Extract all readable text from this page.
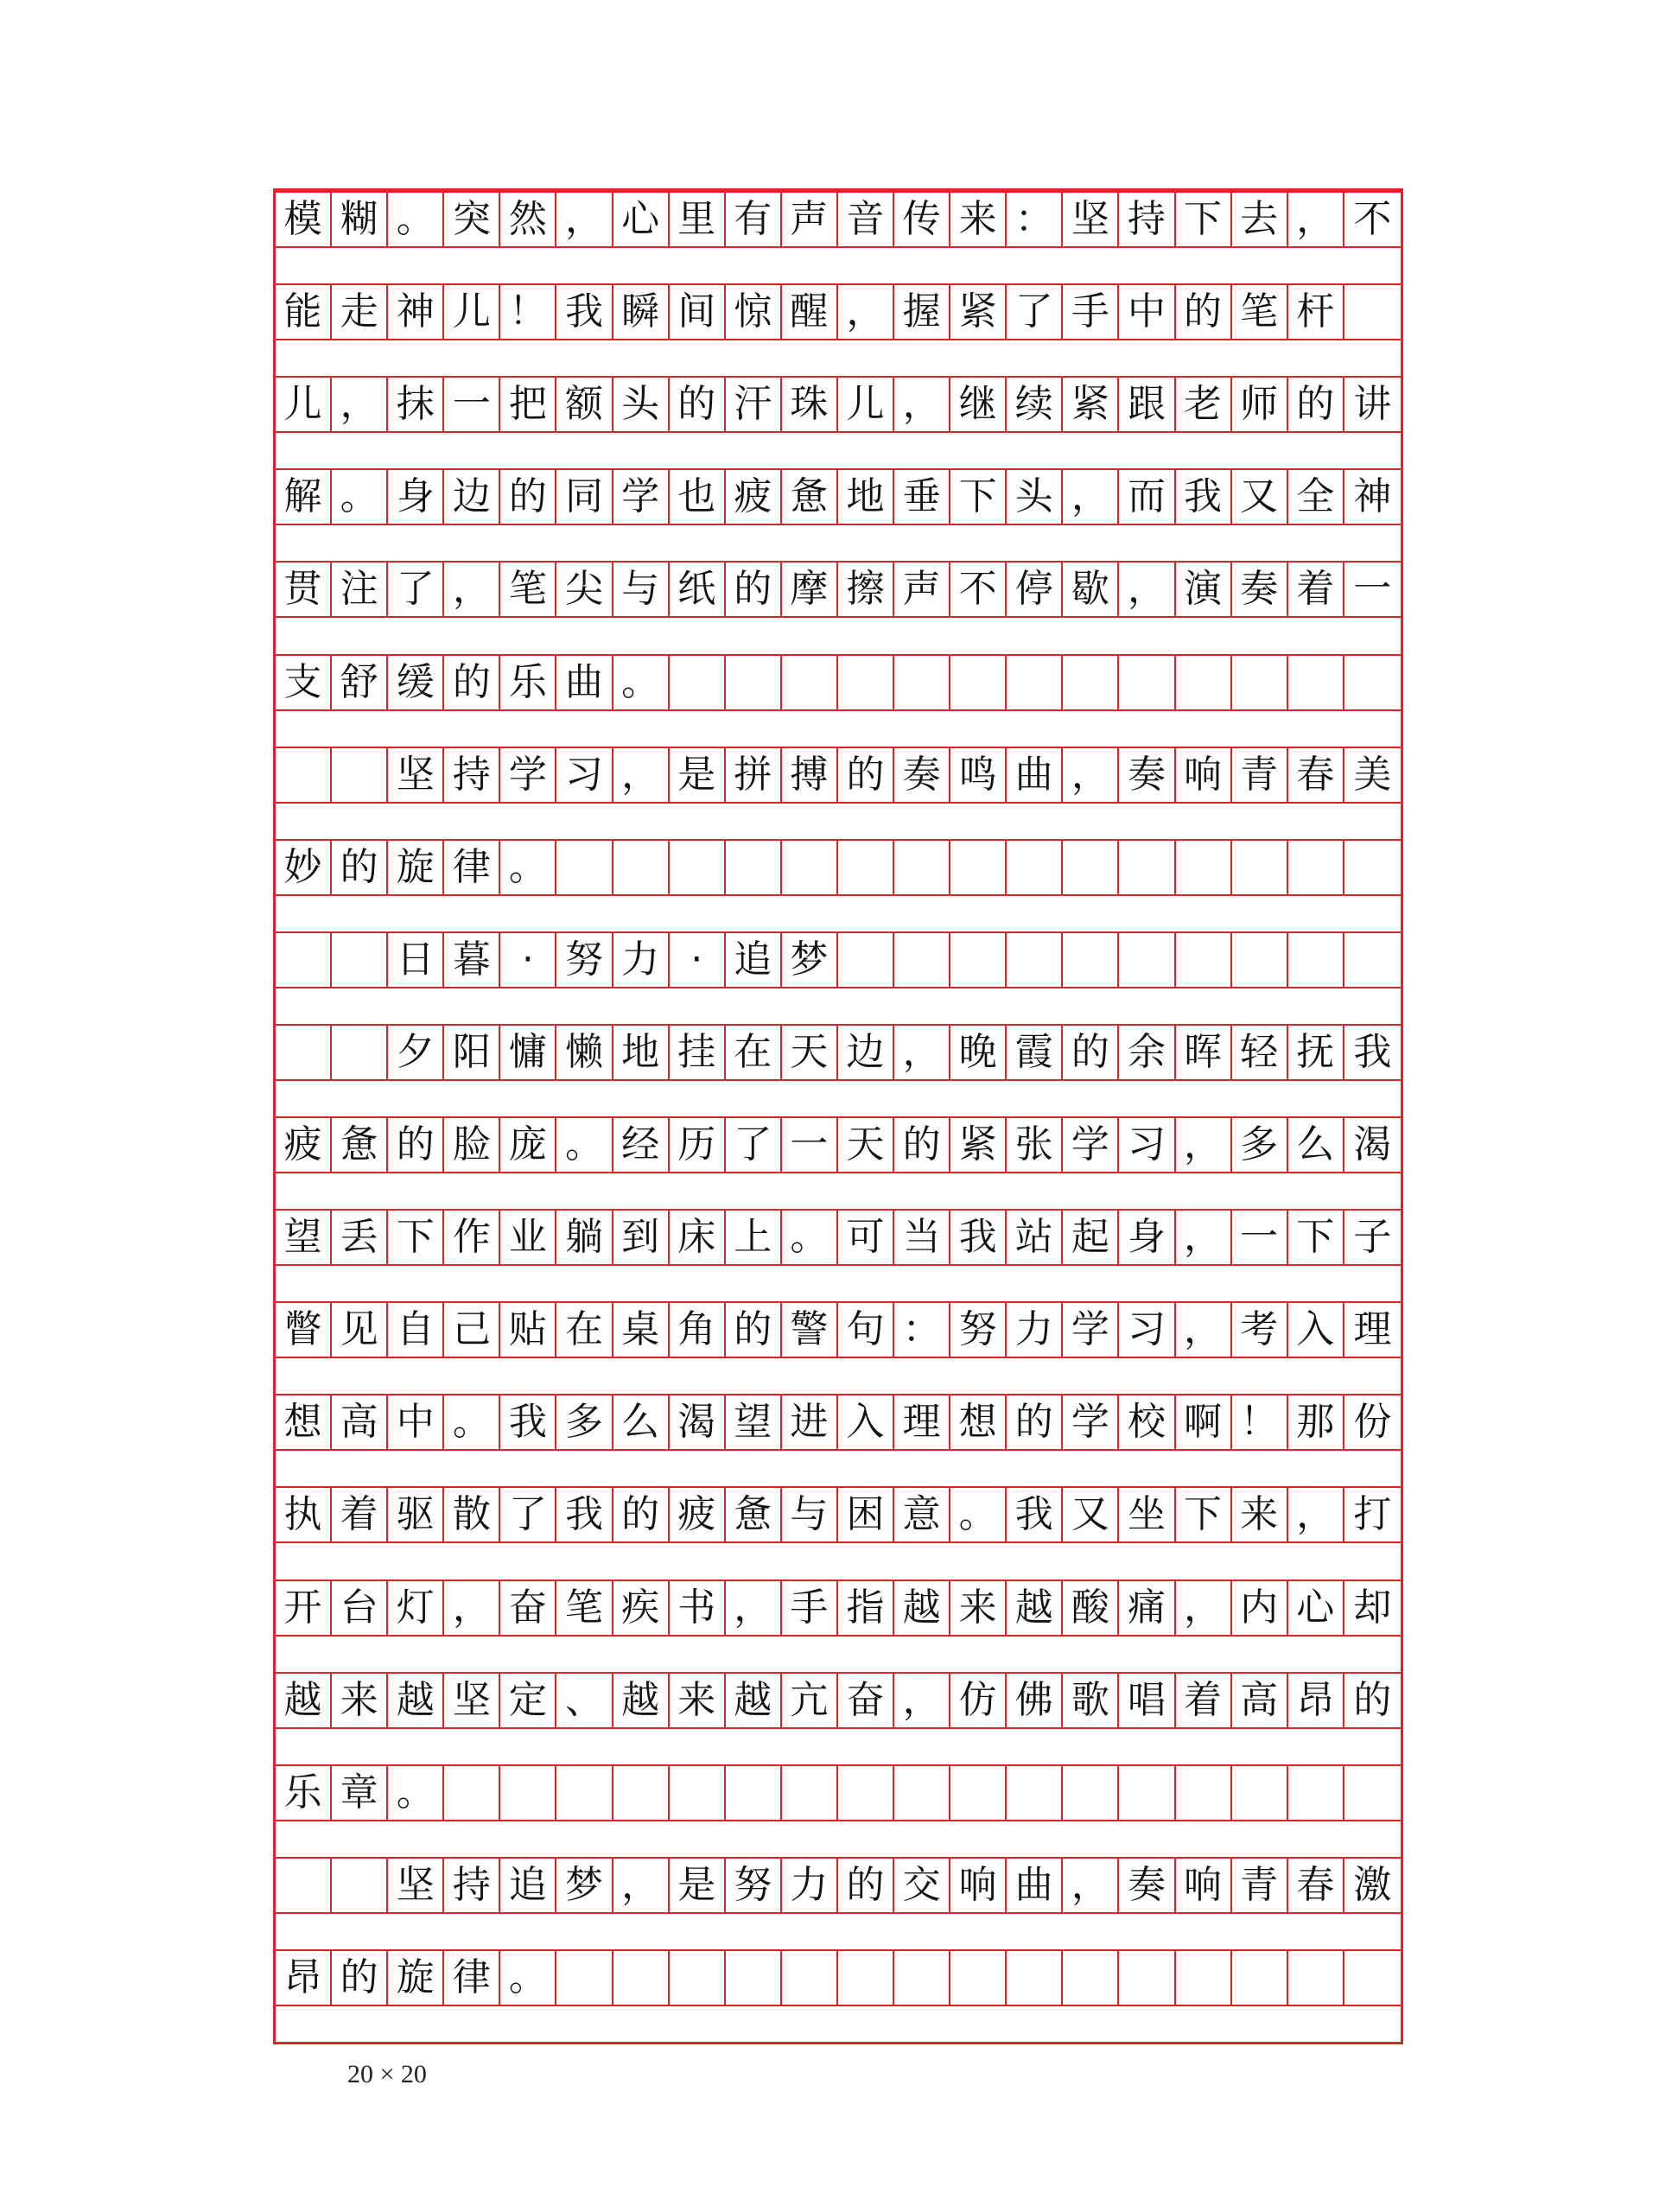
模 糊 。 突 然 ， 心 里 有 声 音 传 来 ： 坚 持 下 去 ， 不
能 走 神 儿 ！ 我 瞬 间 惊 醒 ， 握 紧 了 手 中 的 笔 杆
儿 ， 抹 一 把 额 头 的 汗 珠 儿 ， 继 续 紧 跟 老 师 的 讲
解 。 身 边 的 同 学 也 疲 惫 地 垂 下 头 ， 而 我 又 全 神
贯 注 了 ， 笔 尖 与 纸 的 摩 擦 声 不 停 歇 ， 演 奏 着 一
支 舒 缓 的 乐 曲 。
坚 持 学 习 ， 是 拼 搏 的 奏 鸣 曲 ， 奏 响 青 春 美
妙 的 旋 律 。
日 暮 · 努 力 · 追 梦
夕 阳 慵 懒 地 挂 在 天 边 ， 晚 霞 的 余 晖 轻 抚 我
疲 惫 的 脸 庞 。 经 历 了 一 天 的 紧 张 学 习 ， 多 么 渴
望 丢 下 作 业 躺 到 床 上 。 可 当 我 站 起 身 ， 一 下 子
瞥 见 自 己 贴 在 桌 角 的 警 句 ： 努 力 学 习 ， 考 入 理
想 高 中 。 我 多 么 渴 望 进 入 理 想 的 学 校 啊 ！ 那 份
执 着 驱 散 了 我 的 疲 惫 与 困 意 。 我 又 坐 下 来 ， 打
开 台 灯 ， 奋 笔 疾 书 ， 手 指 越 来 越 酸 痛 ， 内 心 却
越 来 越 坚 定 、 越 来 越 亢 奋 ， 仿 佛 歌 唱 着 高 昂 的
乐 章 。
坚 持 追 梦 ， 是 努 力 的 交 响 曲 ， 奏 响 青 春 激
昂 的 旋 律 。
20 × 20
